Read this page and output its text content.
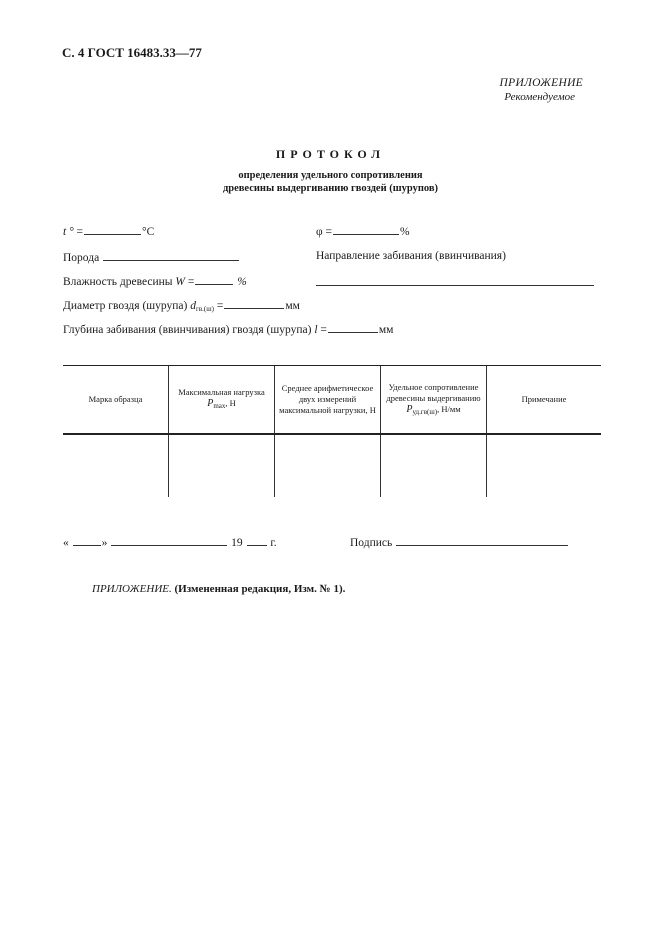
С. 4 ГОСТ 16483.33—77
ПРИЛОЖЕНИЕ
Рекомендуемое
ПРОТОКОЛ
определения удельного сопротивления
древесины выдергиванию гвоздей (шурупов)
t ° =	°С	φ =	%
Порода	Направление забивания (ввинчивания)
Влажность древесины W =	%
Диаметр гвоздя (шурупа) $d_{гв.(ш)}$ =	мм
Глубина забивания (ввинчивания) гвоздя (шурупа) l =	мм
Марка образца	Максимальная нагрузка $P_{max}$, Н	Среднее арифметическое двух измерений максимальной нагрузки, Н	Удельное сопротивление древесины выдергиванию $P_{уд.гв(ш)}$, Н/мм	Примечание

«	»	19 г.	Подпись
ПРИЛОЖЕНИЕ. (Измененная редакция, Изм. № 1).
